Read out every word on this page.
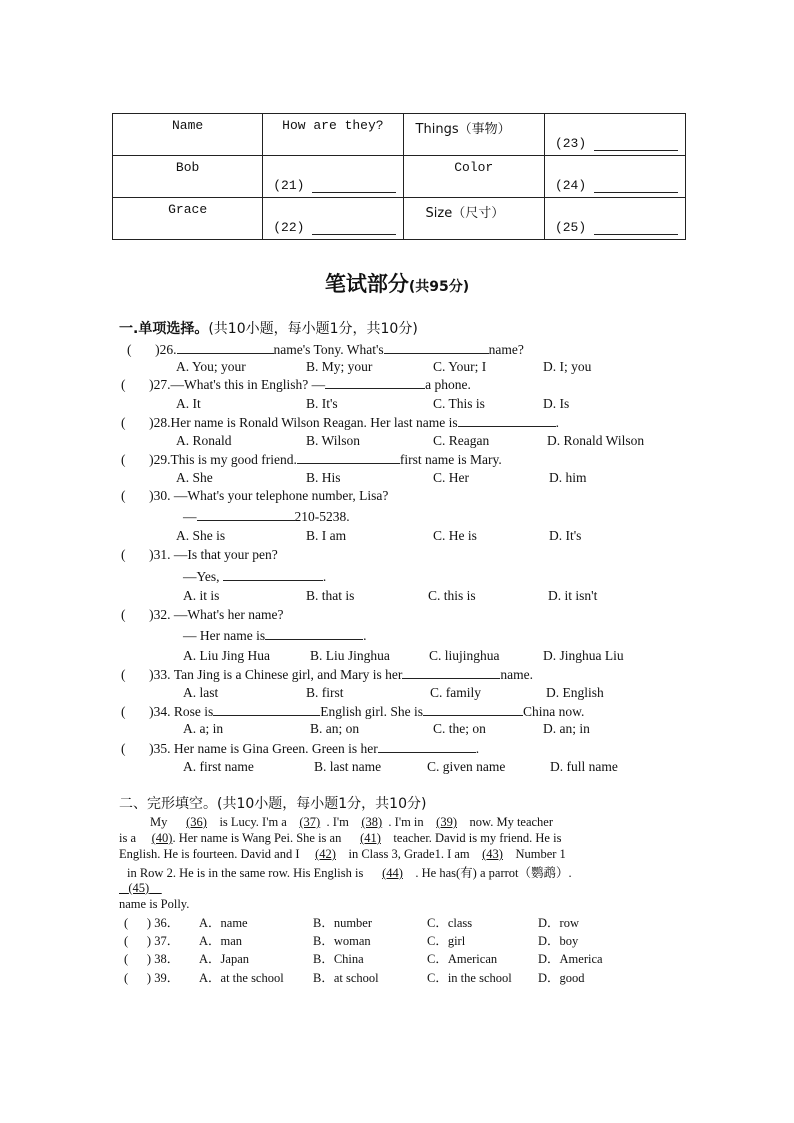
Name	How are they?	Things（事物）	(23)

Bob	(21)	Color	(24)

Grace	(22)	Size（尺寸）	(25)
笔试部分(共95分)
一.单项选择。(共10小题，每小题1分，共10分)
(       )26.	name's Tony. What's	name?
A. You; your	B. My; your	C. Your; I	D. I; you
(       )27.—What's this in English? —	a phone.
A. It	B. It's	C. This is	D. Is
(       )28.Her name is Ronald Wilson Reagan. Her last name is	.
A. Ronald	B. Wilson	C. Reagan	D. Ronald Wilson
(       )29.This is my good friend.	first name is Mary.
A. She	B. His	C. Her	D. him
(       )30. —What's your telephone number, Lisa?
—	210-5238.
A. She is	B. I am	C. He is	D. It's
(       )31. —Is that your pen?
—Yes,	.
A. it is	B. that is	C. this is	D. it isn't
(       )32. —What's her name?
— Her name is	.
A. Liu Jing Hua	B. Liu Jinghua	C. liujinghua	D. Jinghua Liu
(       )33. Tan Jing is a Chinese girl, and Mary is her	name.
A. last	B. first	C. family	D. English
(       )34. Rose is	English girl. She is	China now.
A. a; in	B. an; on	C. the; on	D. an; in
(       )35. Her name is Gina Green. Green is her	.
A. first name	B. last name	C. given name	D. full name
二、完形填空。(共10小题，每小题1分，共10分)
My (36) is Lucy. I'm a (37) . I'm (38) . I'm in (39) now. My teacher
is a (40). Her name is Wang Pei. She is an (41) teacher. David is my friend. He is
English. He is fourteen. David and I (42) in Class 3, Grade1. I am (43) Number 1
in Row 2. He is in the same row. His English is (44) . He has(有) a parrot（鹦鹉）.
(45)
name is Polly.
(      ) 36． A．name	B．number	C．class	D．row
(      ) 37． A．man	B．woman	C．girl	D．boy
(      ) 38． A．Japan	B．China	C．American	D．America
(      ) 39． A．at the school B．at school	C．in the school D．good
